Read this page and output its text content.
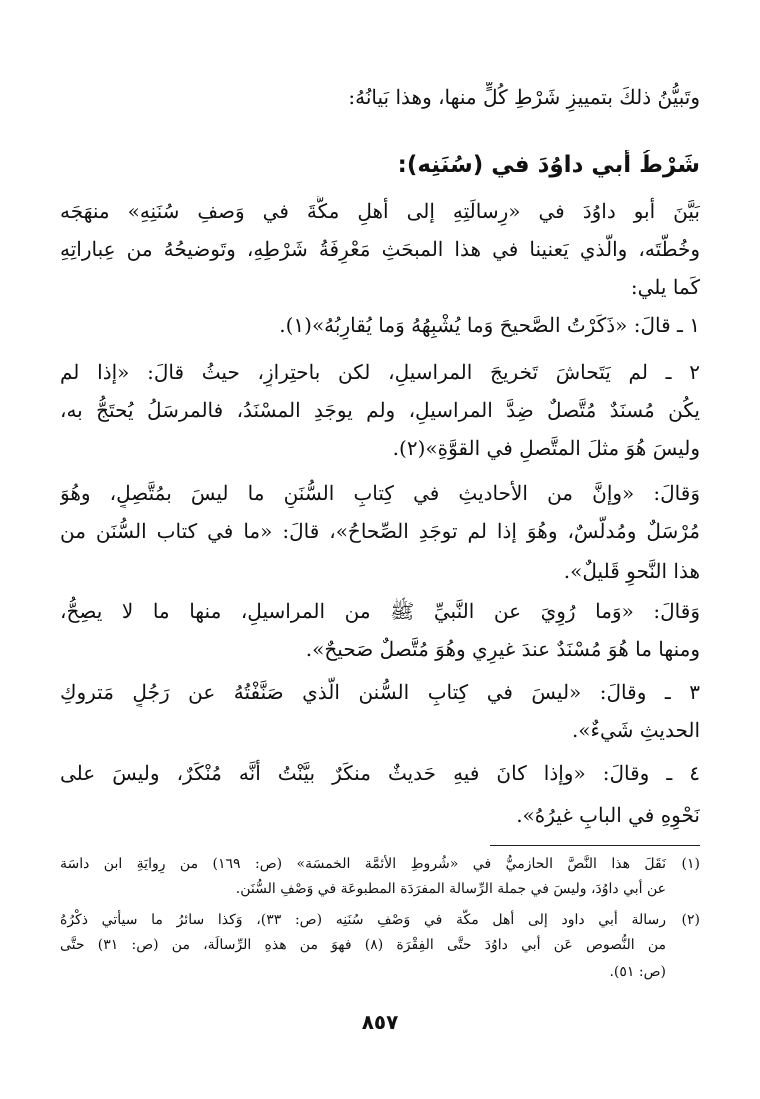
وتَبيُّنُ ذلكَ بتمييزِ شَرْطِ كُلٍّ منها، وهذا بَيانُهُ:
شَرْطُ أبي داوُدَ في (سُنَنِه):
بَيَّنَ أبو داوُدَ في «رِسالَتِهِ إلى أهلِ مكَّةَ في وَصفِ سُنَنِهِ» منهَجَه
وخُطَّتَه، والَّذي يَعنينا في هذا المبحَثِ مَعْرِفَةُ شَرْطِهِ، وتَوضيحُهُ من عِباراتِهِ
كَما يلي:
١ ـ قالَ: «ذَكَرْتُ الصَّحيحَ وَما يُشْبِهُهُ وَما يُقارِبُهُ»(١).
٢ ـ لم يَتَحاشَ تَخريجَ المراسيلِ، لكن باحتِرازٍ، حيثُ قالَ: «إذا لم
يكُن مُسنَدٌ مُتَّصلٌ ضِدَّ المراسيلِ، ولم يوجَدِ المسْنَدُ، فالمرسَلُ يُحتَجُّ به،
وليسَ هُوَ مثلَ المتَّصلِ في القوَّةِ»(٢).
وَقالَ: «وإنَّ من الأحاديثِ في كِتابِ السُّنَنِ ما ليسَ بمُتَّصِلٍ، وهُوَ
مُرْسَلٌ ومُدلَّسٌ، وهُوَ إذا لم توجَدِ الصِّحاحُ»، قالَ: «ما في كتاب السُّنَن من
هذا النَّحوِ قَليلٌ».
وَقالَ: «وَما رُوِيَ عن النَّبيِّ ﷺ من المراسيلِ، منها ما لا يصِحُّ،
ومنها ما هُوَ مُسْنَدٌ عندَ غيرِي وهُوَ مُتَّصلٌ صَحيحٌ».
٣ ـ وقالَ: «ليسَ في كِتابِ السُّنن الَّذي صَنَّفْتُهُ عن رَجُلٍ مَتروكِ
الحديثِ شَيءٌ».
٤ ـ وقالَ: «وإذا كانَ فيهِ حَديثٌ منكَرٌ بيَّنْتُ أنَّه مُنْكَرٌ، وليسَ على
نَحْوِهِ في البابِ غيرُهُ».
(١)نَقَلَ هذا النَّصَّ الحازميُّ في «شُروطِ الأئمَّة الخمسَة» (ص: ١٦٩) من رِوايَةِ ابن داسَة
عن أبي داوُدَ، وليسَ في جملة الرِّسالة المفرَدَة المطبوعَة في وَصْفِ السُّنَن.
(٢)رسالة أبي داود إلى أهل مكَّة في وَصْفِ سُنَنِه (ص: ٣٣)، وَكذا سائرُ ما سيأتي ذكْرُهُ
من النُّصوص عَن أبي داوُدَ حتَّى الفِقْرَة (٨) فهوَ من هذهِ الرِّسالَة، من (ص: ٣١) حتَّى
(ص: ٥١).
٨٥٧
